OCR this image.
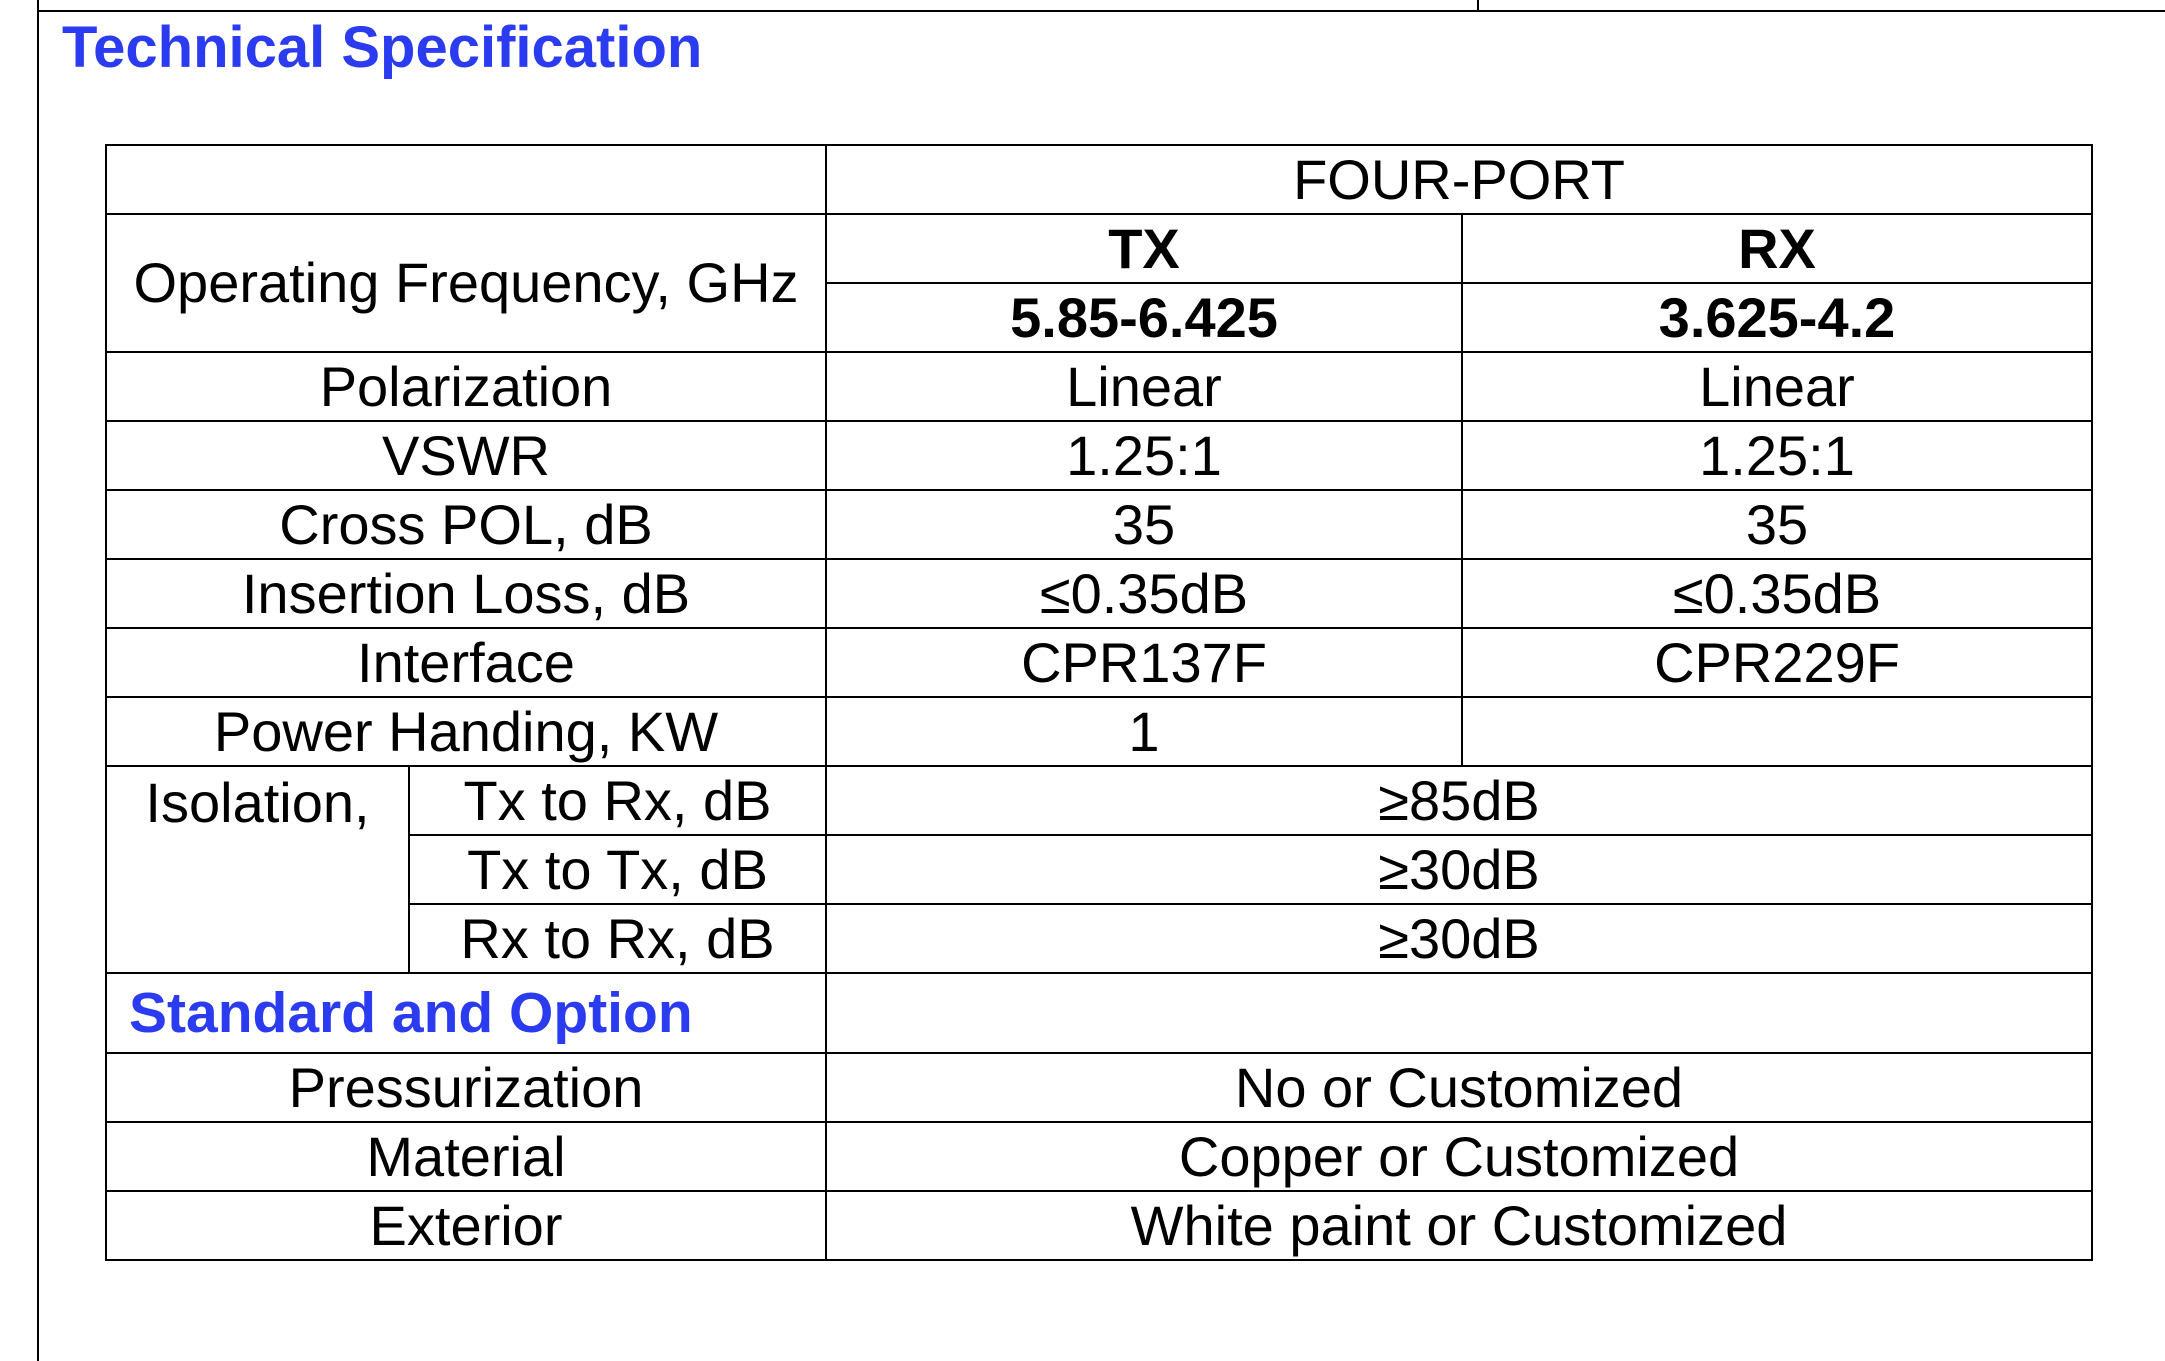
Technical Specification
		FOUR-PORT	
Operating Frequency, GHz		TX	RX
		5.85-6.425	3.625-4.2
Polarization		Linear	Linear
VSWR		1.25:1	1.25:1
Cross POL, dB		35	35
Insertion Loss, dB		≤0.35dB	≤0.35dB
Interface		CPR137F	CPR229F
Power Handing, KW		1	
Isolation,	Tx to Rx, dB	≥85dB	
	Tx to Tx, dB	≥30dB	
	Rx to Rx, dB	≥30dB	
Standard and Option			
Pressurization		No or Customized	
Material		Copper or Customized	
Exterior		White paint or Customized	
